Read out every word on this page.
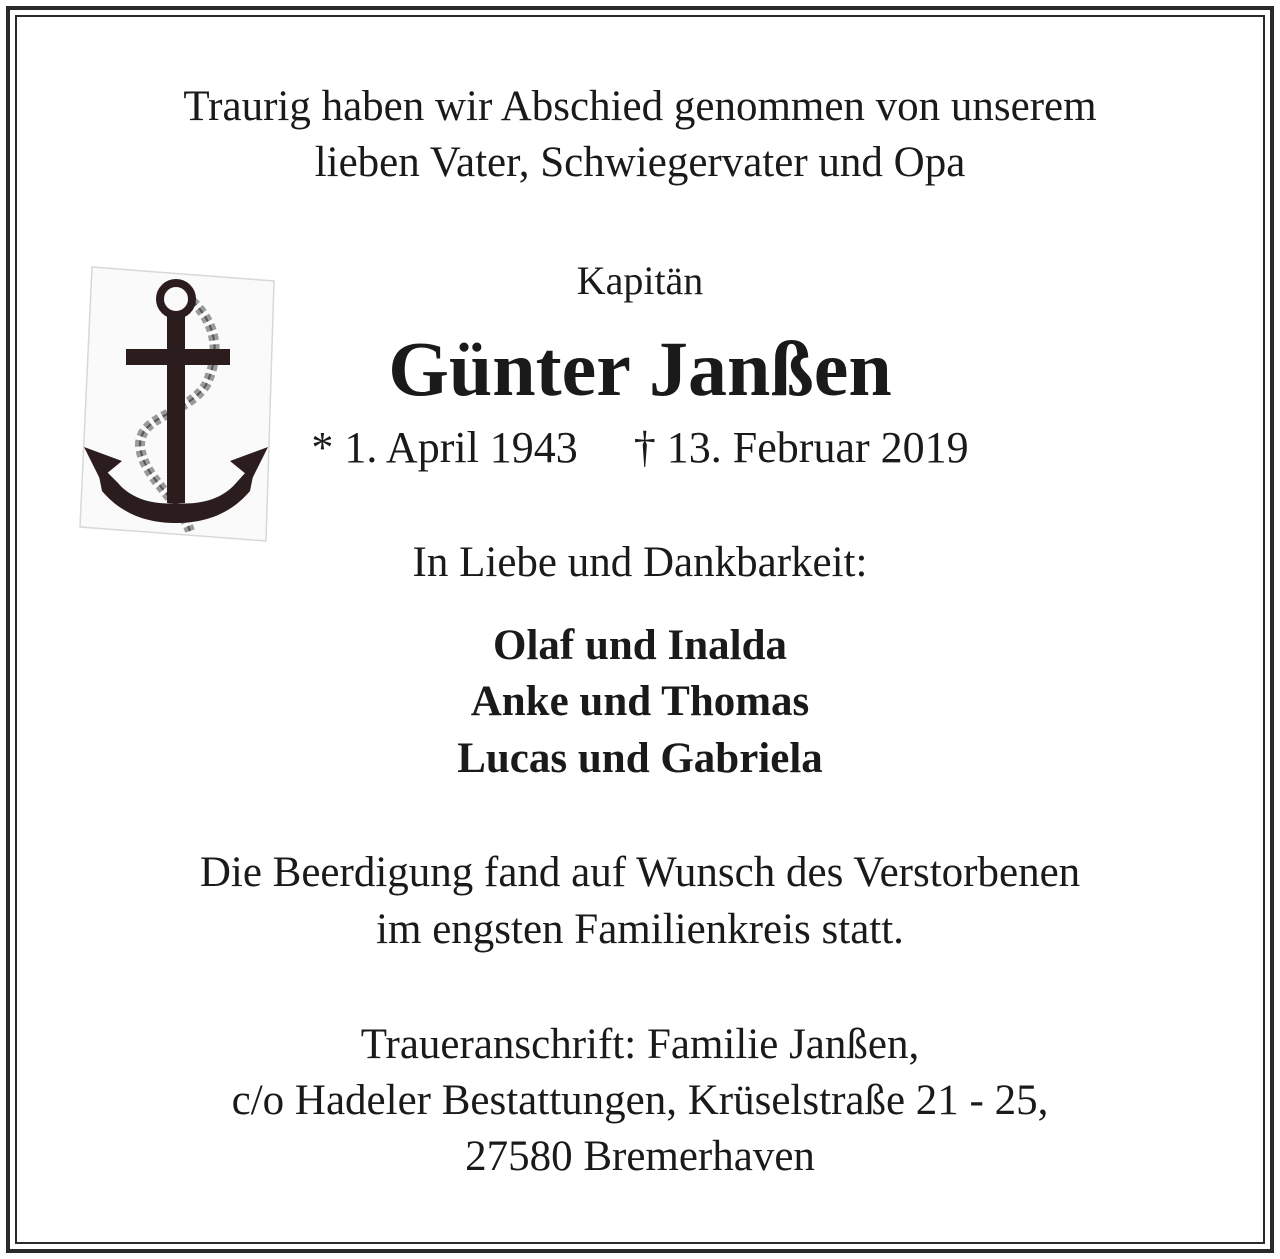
Traurig haben wir Abschied genommen von unserem
lieben Vater, Schwiegervater und Opa
Kapitän
Günter Janßen
* 1. April 1943 † 13. Februar 2019
In Liebe und Dankbarkeit:
Olaf und Inalda
Anke und Thomas
Lucas und Gabriela
Die Beerdigung fand auf Wunsch des Verstorbenen
im engsten Familienkreis statt.
Traueranschrift: Familie Janßen,
c/o Hadeler Bestattungen, Krüselstraße 21 - 25,
27580 Bremerhaven
